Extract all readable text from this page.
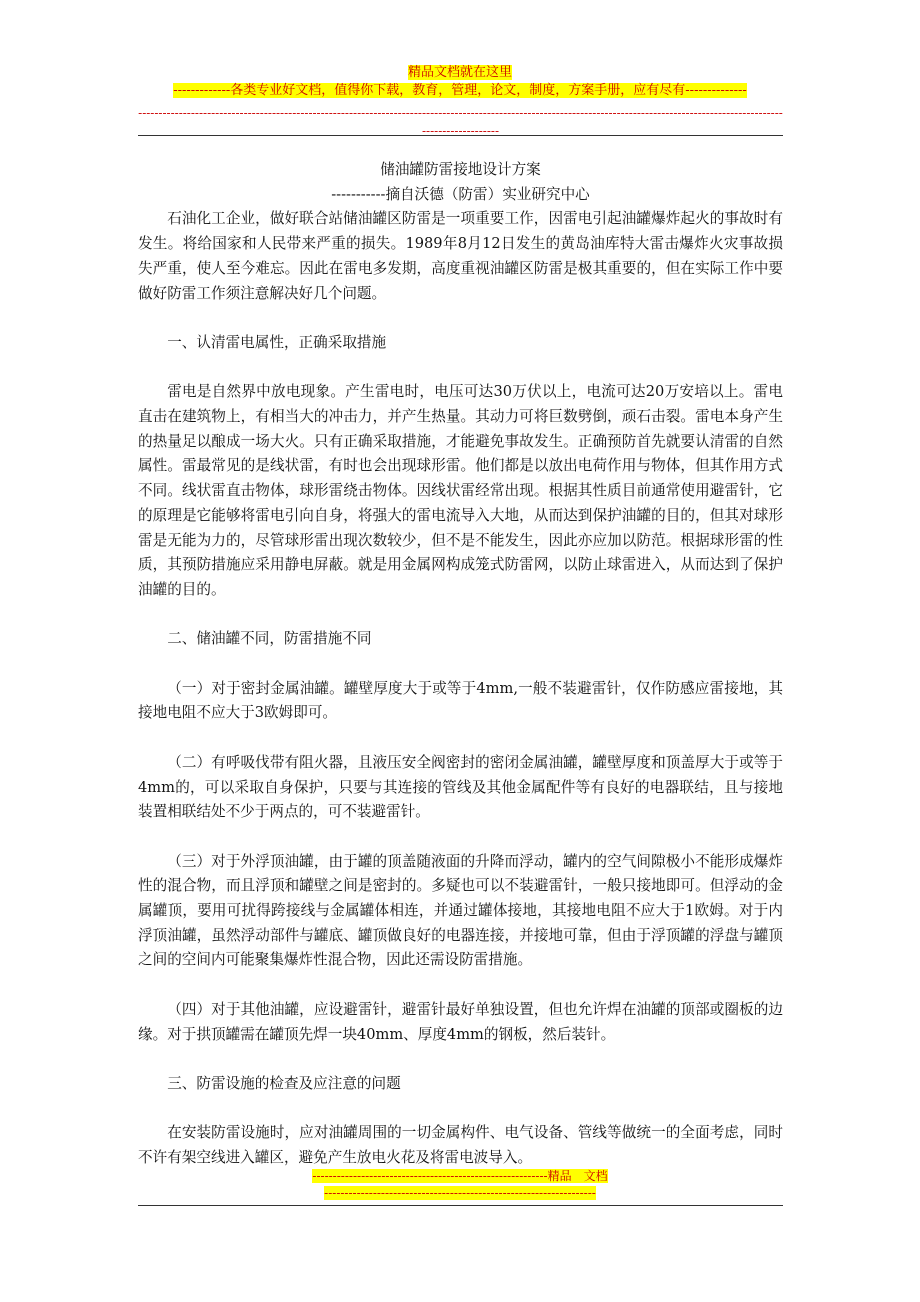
精品文档就在这里
-------------各类专业好文档，值得你下载，教育，管理，论文，制度，方案手册，应有尽有--------------
----------------------------------------------------------------------------------------------------------------------------------------------------------------------------------

储油罐防雷接地设计方案

-----------摘自沃德（防雷）实业研究中心

石油化工企业，做好联合站储油罐区防雷是一项重要工作，因雷电引起油罐爆炸起火的事故时有发生。将给国家和人民带来严重的损失。1989年8月12日发生的黄岛油库特大雷击爆炸火灾事故损失严重，使人至今难忘。因此在雷电多发期，高度重视油罐区防雷是极其重要的，但在实际工作中要做好防雷工作须注意解决好几个问题。

一、认清雷电属性，正确采取措施

雷电是自然界中放电现象。产生雷电时，电压可达30万伏以上，电流可达20万安培以上。雷电直击在建筑物上，有相当大的冲击力，并产生热量。其动力可将巨数劈倒，顽石击裂。雷电本身产生的热量足以酿成一场大火。只有正确采取措施，才能避免事故发生。正确预防首先就要认清雷的自然属性。雷最常见的是线状雷，有时也会出现球形雷。他们都是以放出电荷作用与物体，但其作用方式不同。线状雷直击物体，球形雷绕击物体。因线状雷经常出现。根据其性质目前通常使用避雷针，它的原理是它能够将雷电引向自身，将强大的雷电流导入大地，从而达到保护油罐的目的，但其对球形雷是无能为力的，尽管球形雷出现次数较少，但不是不能发生，因此亦应加以防范。根据球形雷的性质，其预防措施应采用静电屏蔽。就是用金属网构成笼式防雷网，以防止球雷进入，从而达到了保护油罐的目的。

二、储油罐不同，防雷措施不同

（一）对于密封金属油罐。罐壁厚度大于或等于4mm,一般不装避雷针，仅作防感应雷接地，其接地电阻不应大于3欧姆即可。

（二）有呼吸伐带有阻火器，且液压安全阀密封的密闭金属油罐，罐壁厚度和顶盖厚大于或等于4mm的，可以采取自身保护，只要与其连接的管线及其他金属配件等有良好的电器联结，且与接地装置相联结处不少于两点的，可不装避雷针。

（三）对于外浮顶油罐，由于罐的顶盖随液面的升降而浮动，罐内的空气间隙极小不能形成爆炸性的混合物，而且浮顶和罐壁之间是密封的。多疑也可以不装避雷针，一般只接地即可。但浮动的金属罐顶，要用可扰得跨接线与金属罐体相连，并通过罐体接地，其接地电阻不应大于1欧姆。对于内浮顶油罐，虽然浮动部件与罐底、罐顶做良好的电器连接，并接地可靠，但由于浮顶罐的浮盘与罐顶之间的空间内可能聚集爆炸性混合物，因此还需设防雷措施。

（四）对于其他油罐，应设避雷针，避雷针最好单独设置，但也允许焊在油罐的顶部或圈板的边缘。对于拱顶罐需在罐顶先焊一块40mm、厚度4mm的钢板，然后装针。

三、防雷设施的检查及应注意的问题

在安装防雷设施时，应对油罐周围的一切金属构件、电气设备、管线等做统一的全面考虑，同时不许有架空线进入罐区，避免产生放电火花及将雷电波导入。

----------------------------------------------------------精品　文档
-------------------------------------------------------------------
